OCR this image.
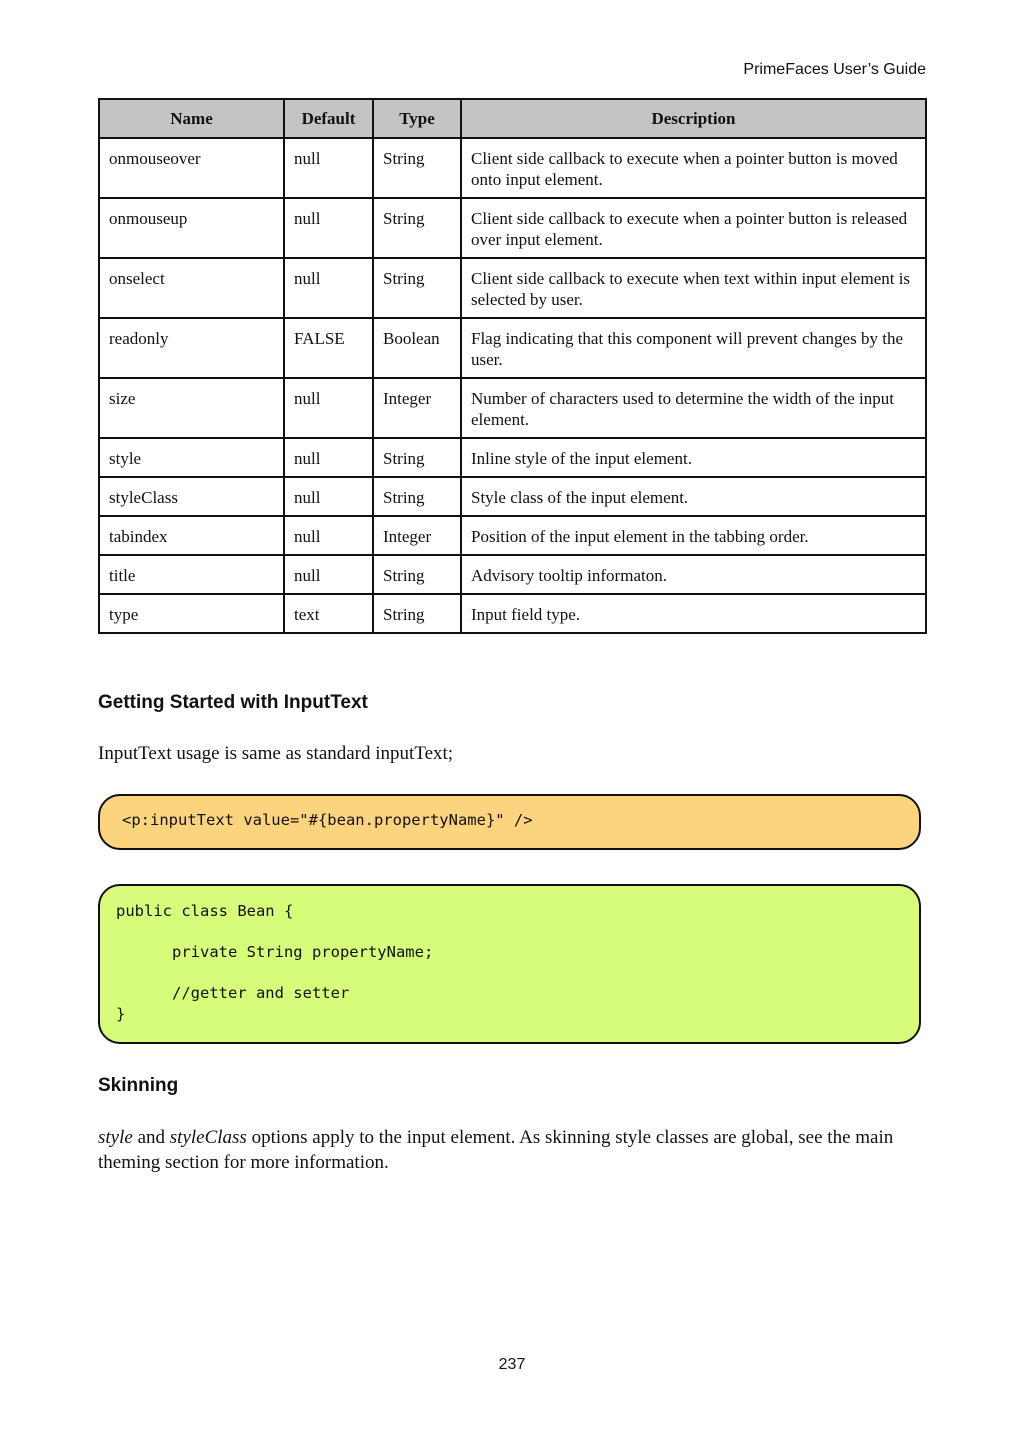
PrimeFaces User’s Guide
Name	Default	Type	Description
onmouseover	null	String	Client side callback to execute when a pointer button is moved onto input element.
onmouseup	null	String	Client side callback to execute when a pointer button is released over input element.
onselect	null	String	Client side callback to execute when text within input element is selected by user.
readonly	FALSE	Boolean	Flag indicating that this component will prevent changes by the user.
size	null	Integer	Number of characters used to determine the width of the input element.
style	null	String	Inline style of the input element.
styleClass	null	String	Style class of the input element.
tabindex	null	Integer	Position of the input element in the tabbing order.
title	null	String	Advisory tooltip informaton.
type	text	String	Input field type.
Getting Started with InputText

InputText usage is same as standard inputText;

<p:inputText value="#{bean.propertyName}" />
public class Bean {
private String propertyName;
//getter and setter
}
Skinning

style and styleClass options apply to the input element. As skinning style classes are global, see the main theming section for more information.

237
